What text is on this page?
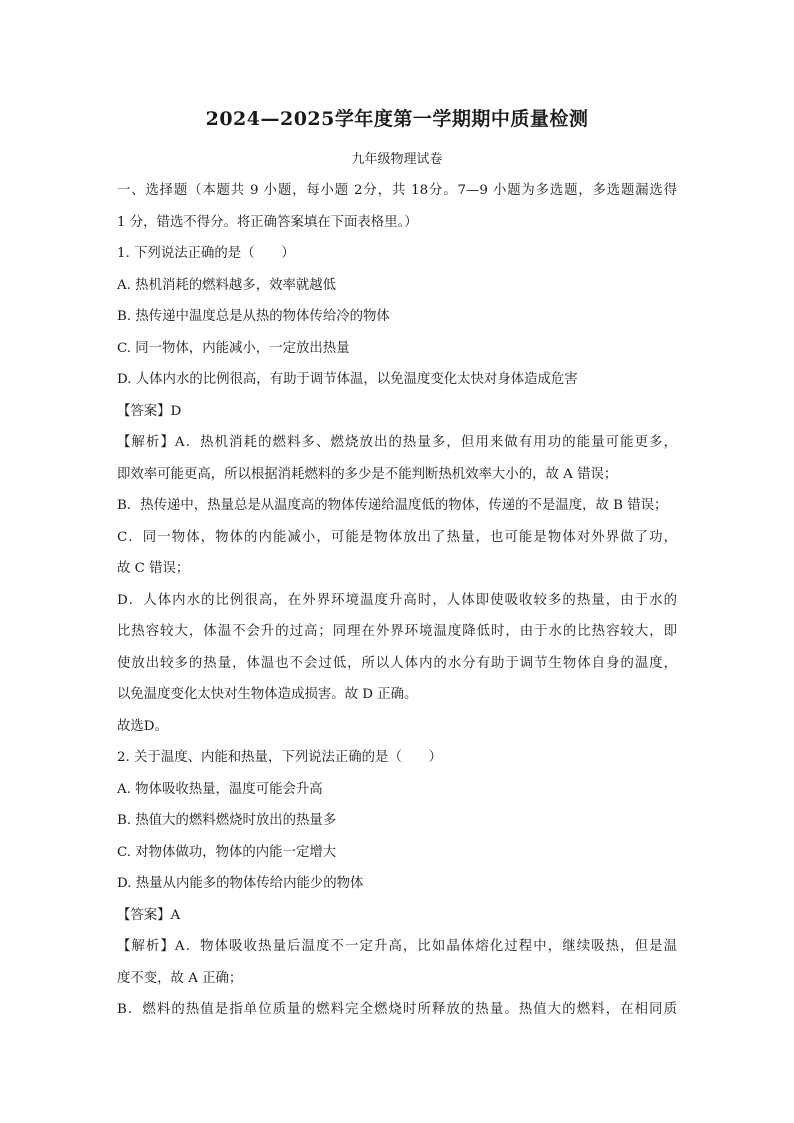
2024—2025学年度第一学期期中质量检测
九年级物理试卷
一、选择题（本题共 9 小题，每小题 2分，共 18分。7—9 小题为多选题，多选题漏选得
1 分，错选不得分。将正确答案填在下面表格里。）
1. 下列说法正确的是（　　）
A. 热机消耗的燃料越多，效率就越低
B. 热传递中温度总是从热的物体传给冷的物体
C. 同一物体，内能减小，一定放出热量
D. 人体内水的比例很高，有助于调节体温，以免温度变化太快对身体造成危害
【答案】D
【解析】A．热机消耗的燃料多、燃烧放出的热量多，但用来做有用功的能量可能更多，
即效率可能更高，所以根据消耗燃料的多少是不能判断热机效率大小的，故 A 错误；
B．热传递中，热量总是从温度高的物体传递给温度低的物体，传递的不是温度，故 B 错误；
C．同一物体，物体的内能减小，可能是物体放出了热量，也可能是物体对外界做了功，
故 C 错误；
D．人体内水的比例很高，在外界环境温度升高时，人体即使吸收较多的热量，由于水的
比热容较大，体温不会升的过高；同理在外界环境温度降低时，由于水的比热容较大，即
使放出较多的热量，体温也不会过低，所以人体内的水分有助于调节生物体自身的温度，
以免温度变化太快对生物体造成损害。故 D 正确。
故选D。
2. 关于温度、内能和热量，下列说法正确的是（　　）
A. 物体吸收热量，温度可能会升高
B. 热值大的燃料燃烧时放出的热量多
C. 对物体做功，物体的内能一定增大
D. 热量从内能多的物体传给内能少的物体
【答案】A
【解析】A．物体吸收热量后温度不一定升高，比如晶体熔化过程中，继续吸热，但是温
度不变，故 A 正确；
B．燃料的热值是指单位质量的燃料完全燃烧时所释放的热量。热值大的燃料，在相同质
